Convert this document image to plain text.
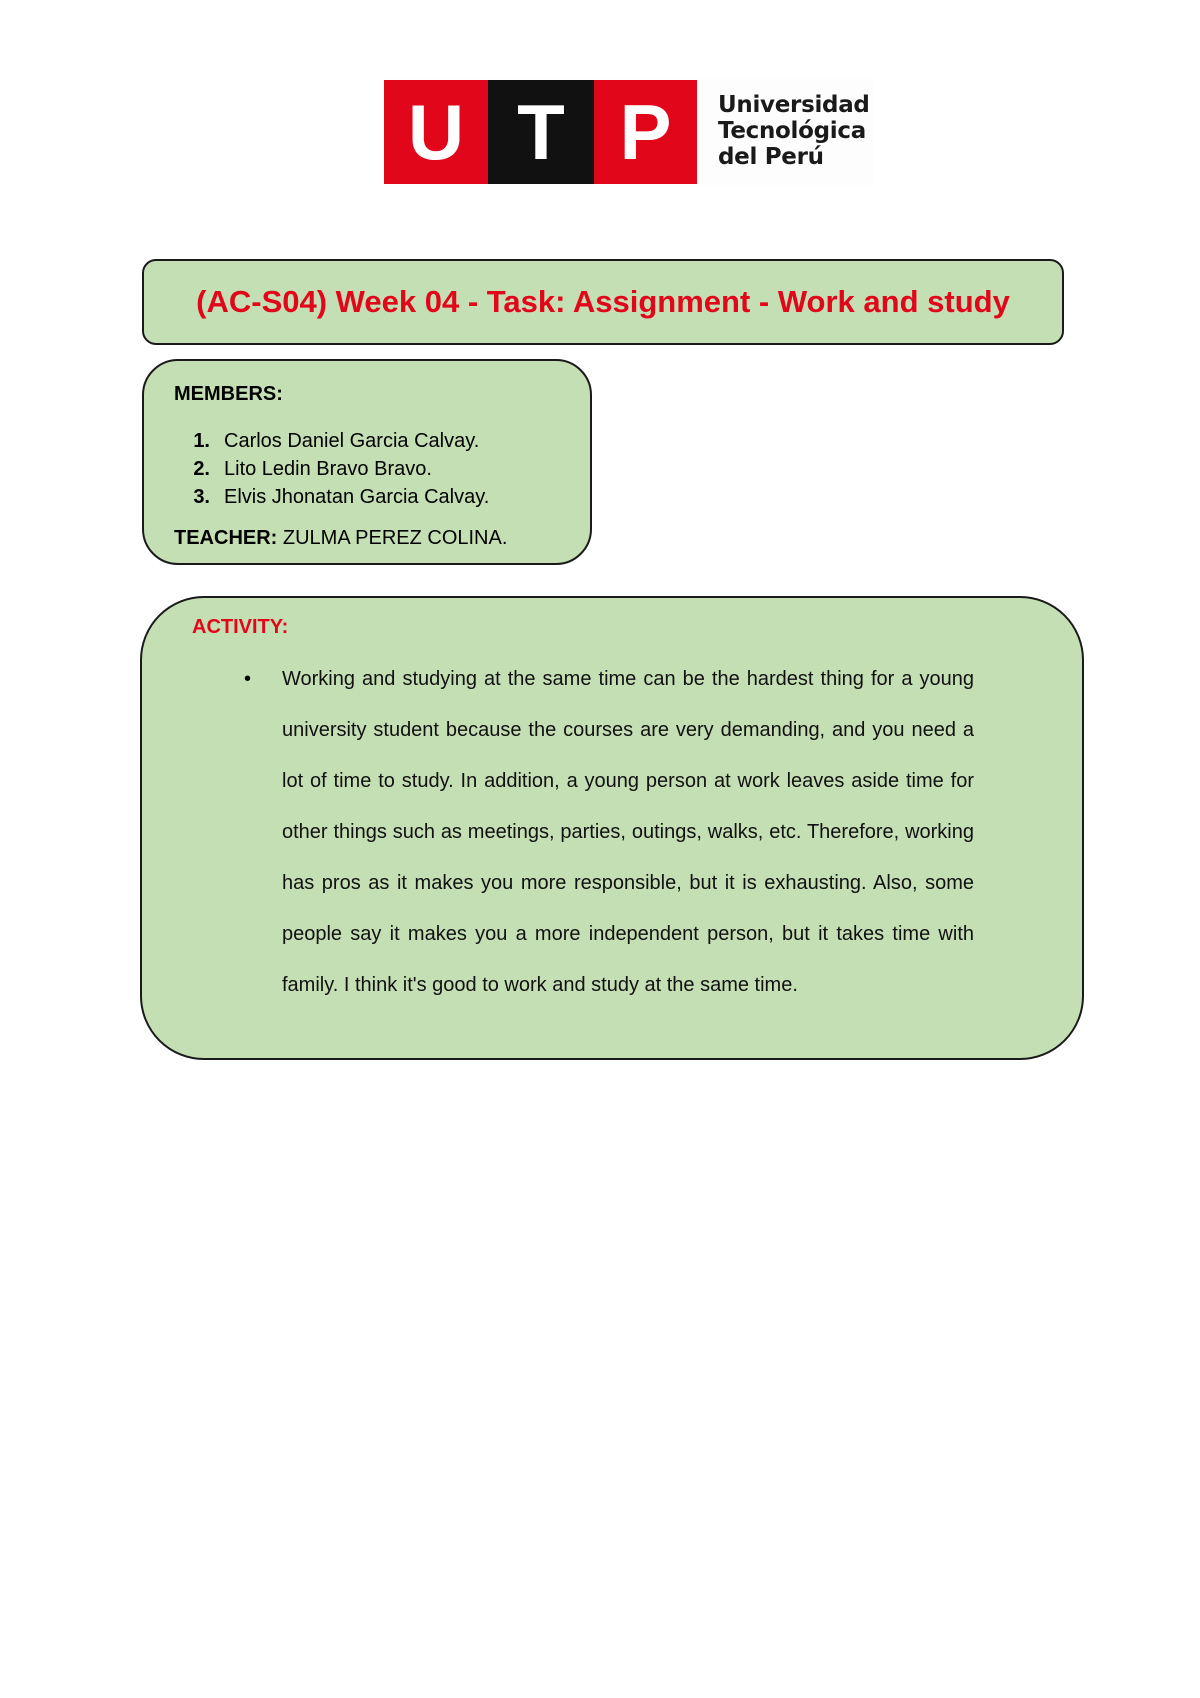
U T P	Universidad
Tecnológica
del Perú
(AC-S04) Week 04 - Task: Assignment - Work and study
MEMBERS:
1. Carlos Daniel Garcia Calvay.
2. Lito Ledin Bravo Bravo.
3. Elvis Jhonatan Garcia Calvay.
TEACHER: ZULMA PEREZ COLINA.
ACTIVITY:
• Working and studying at the same time can be the hardest thing for a young university student because the courses are very demanding, and you need a lot of time to study. In addition, a young person at work leaves aside time for other things such as meetings, parties, outings, walks, etc. Therefore, working has pros as it makes you more responsible, but it is exhausting. Also, some people say it makes you a more independent person, but it takes time with family. I think it's good to work and study at the same time.
